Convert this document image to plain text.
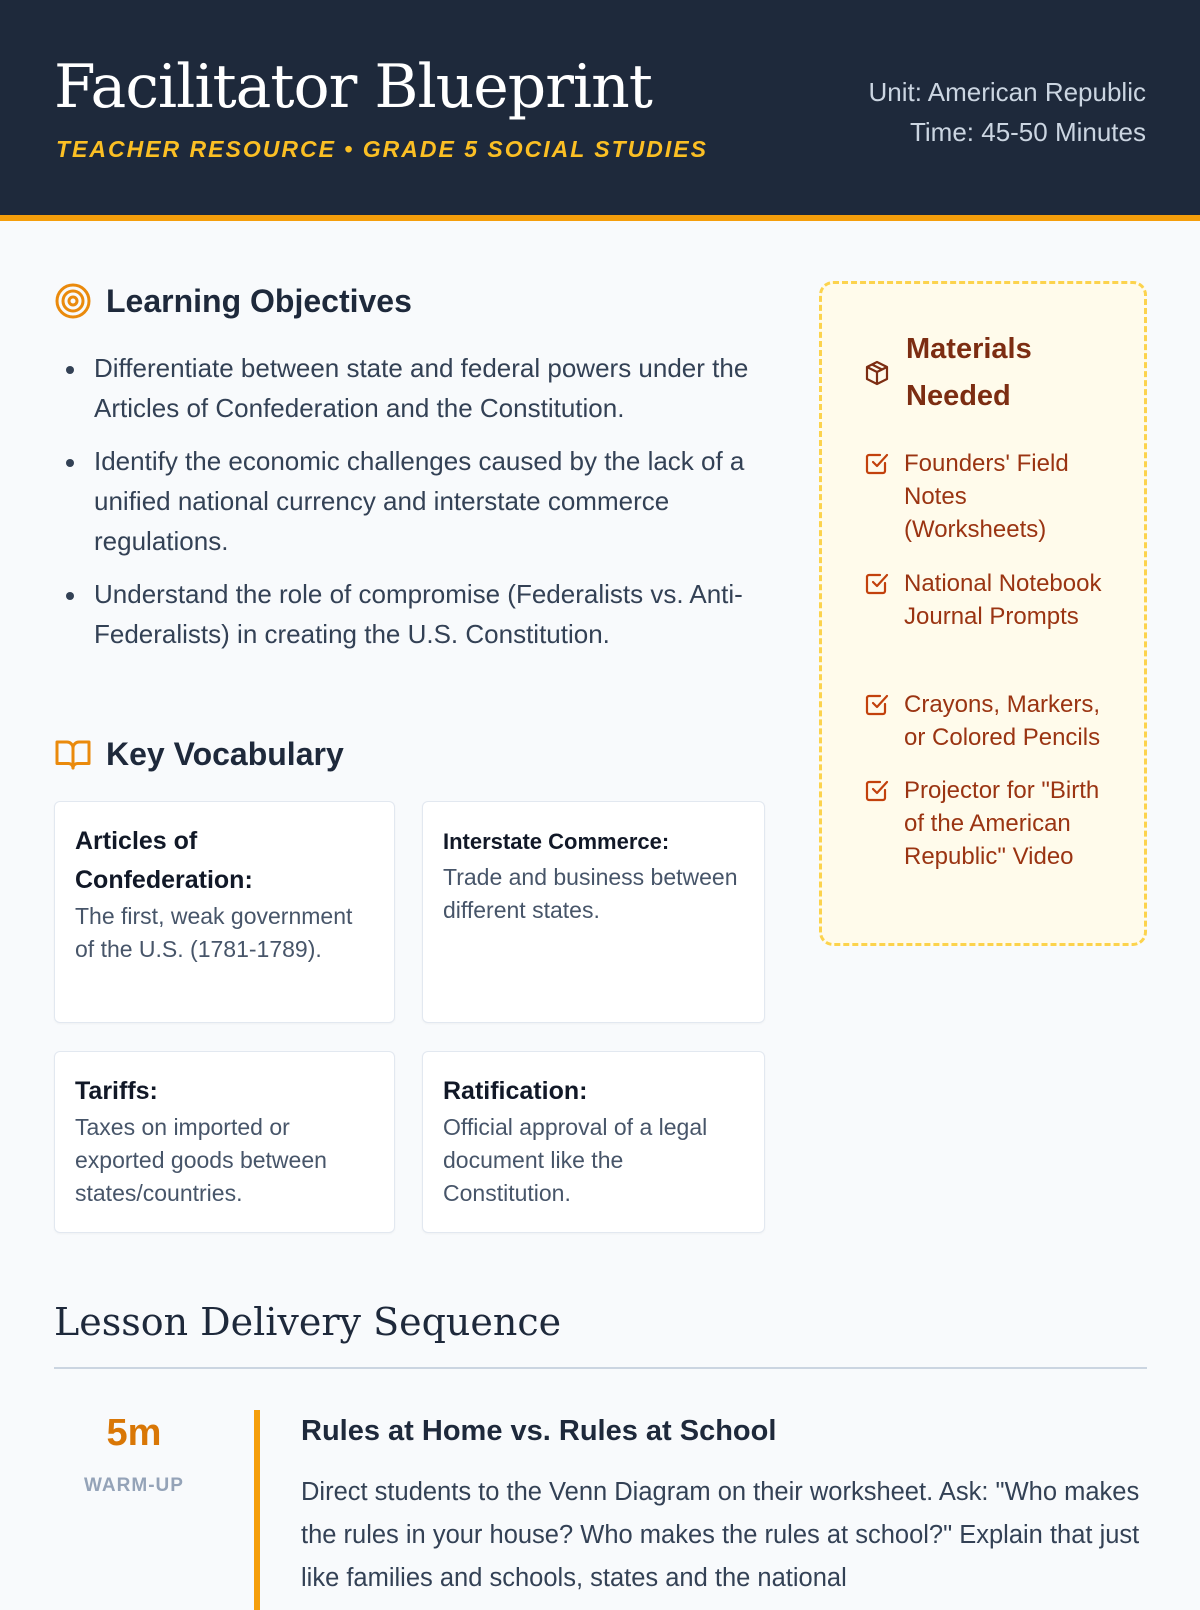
Facilitator Blueprint
TEACHER RESOURCE • GRADE 5 SOCIAL STUDIES
Unit: American Republic
Time: 45-50 Minutes
Learning Objectives
Differentiate between state and federal powers under the Articles of Confederation and the Constitution.
Identify the economic challenges caused by the lack of a unified national currency and interstate commerce regulations.
Understand the role of compromise (Federalists vs. Anti-Federalists) in creating the U.S. Constitution.
Key Vocabulary
Articles of Confederation:
The first, weak government of the U.S. (1781-1789).
Interstate Commerce:
Trade and business between different states.
Tariffs:
Taxes on imported or exported goods between states/countries.
Ratification:
Official approval of a legal document like the Constitution.
Materials Needed
Founders' Field Notes (Worksheets)
National Notebook Journal Prompts
Crayons, Markers, or Colored Pencils
Projector for "Birth of the American Republic" Video
Lesson Delivery Sequence
5m
WARM-UP
Rules at Home vs. Rules at School
Direct students to the Venn Diagram on their worksheet. Ask: "Who makes the rules in your house? Who makes the rules at school?" Explain that just like families and schools, states and the national
